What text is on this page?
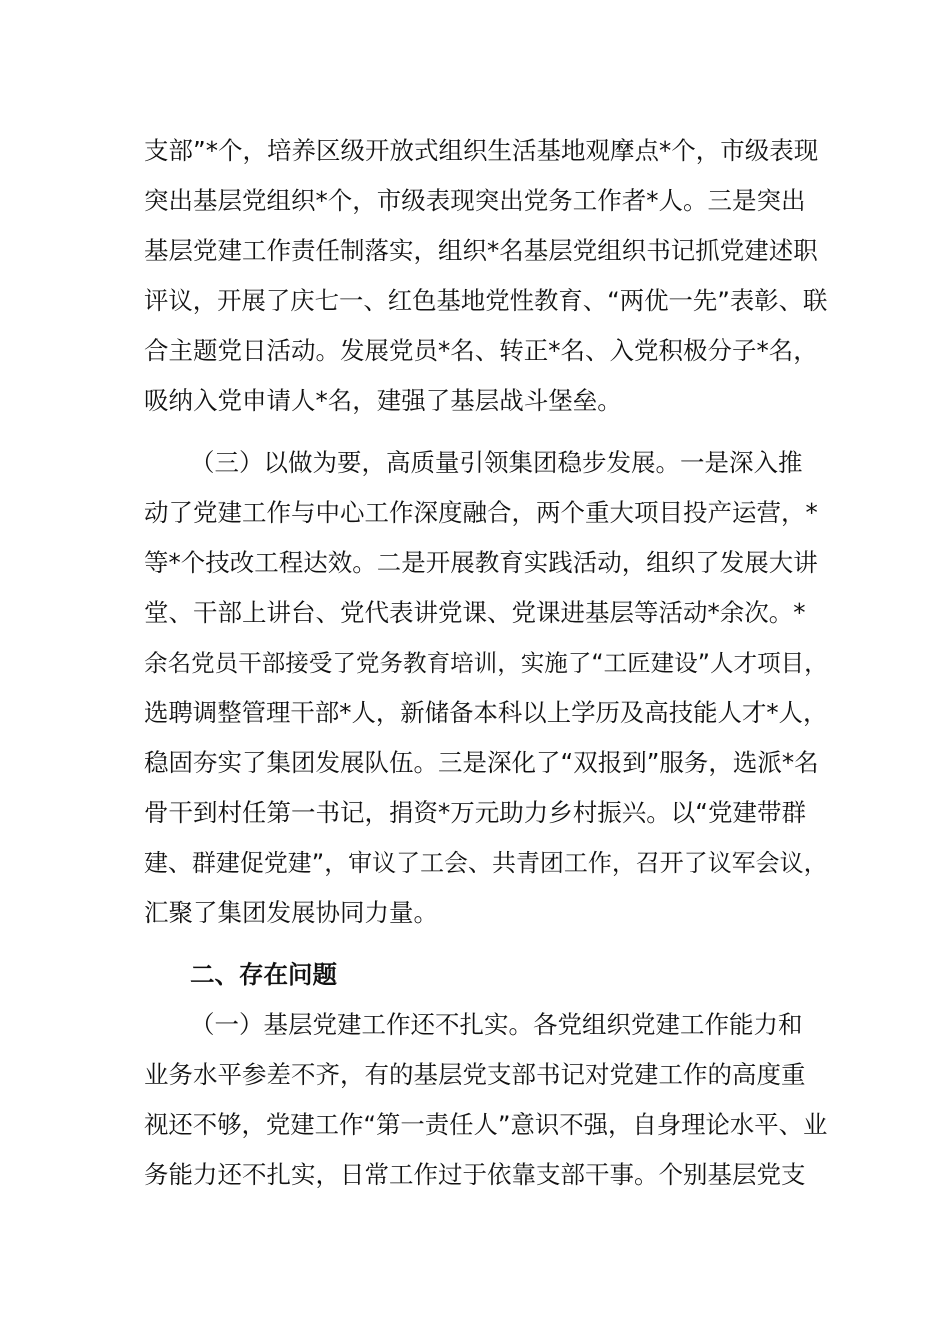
支部”*个，培养区级开放式组织生活基地观摩点*个，市级表现
突出基层党组织*个，市级表现突出党务工作者*人。三是突出
基层党建工作责任制落实，组织*名基层党组织书记抓党建述职
评议，开展了庆七一、红色基地党性教育、“两优一先”表彰、联
合主题党日活动。发展党员*名、转正*名、入党积极分子*名，
吸纳入党申请人*名，建强了基层战斗堡垒。
（三）以做为要，高质量引领集团稳步发展。一是深入推
动了党建工作与中心工作深度融合，两个重大项目投产运营，*
等*个技改工程达效。二是开展教育实践活动，组织了发展大讲
堂、干部上讲台、党代表讲党课、党课进基层等活动*余次。*
余名党员干部接受了党务教育培训，实施了“工匠建设”人才项目，
选聘调整管理干部*人，新储备本科以上学历及高技能人才*人，
稳固夯实了集团发展队伍。三是深化了“双报到”服务，选派*名
骨干到村任第一书记，捐资*万元助力乡村振兴。以“党建带群
建、群建促党建”，审议了工会、共青团工作，召开了议军会议，
汇聚了集团发展协同力量。
二、存在问题
（一）基层党建工作还不扎实。各党组织党建工作能力和
业务水平参差不齐，有的基层党支部书记对党建工作的高度重
视还不够，党建工作“第一责任人”意识不强，自身理论水平、业
务能力还不扎实，日常工作过于依靠支部干事。个别基层党支
